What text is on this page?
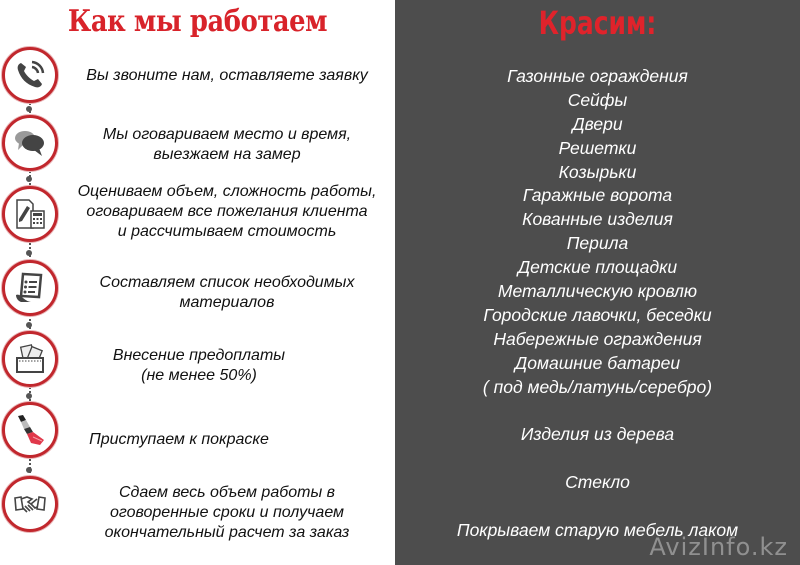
Как мы работаем
Вы звоните нам, оставляете заявку
Мы оговариваем место и время,
выезжаем на замер
Оцениваем объем, сложность работы,
оговариваем все пожелания клиента
и рассчитываем стоимость
Составляем список необходимых
материалов
Внесение предоплаты
(не менее 50%)
Приступаем к покраске
Сдаем весь объем работы в
оговоренные сроки и получаем
окончательный расчет за заказ
Красим:
Газонные ограждения
Сейфы
Двери
Решетки
Козырьки
Гаражные ворота
Кованные изделия
Перила
Детские площадки
Металлическую кровлю
Городские лавочки, беседки
Набережные ограждения
Домашние батареи
( под медь/латунь/серебро)
Изделия из дерева
Стекло
Покрываем старую мебель лаком
AvizInfo.kz
